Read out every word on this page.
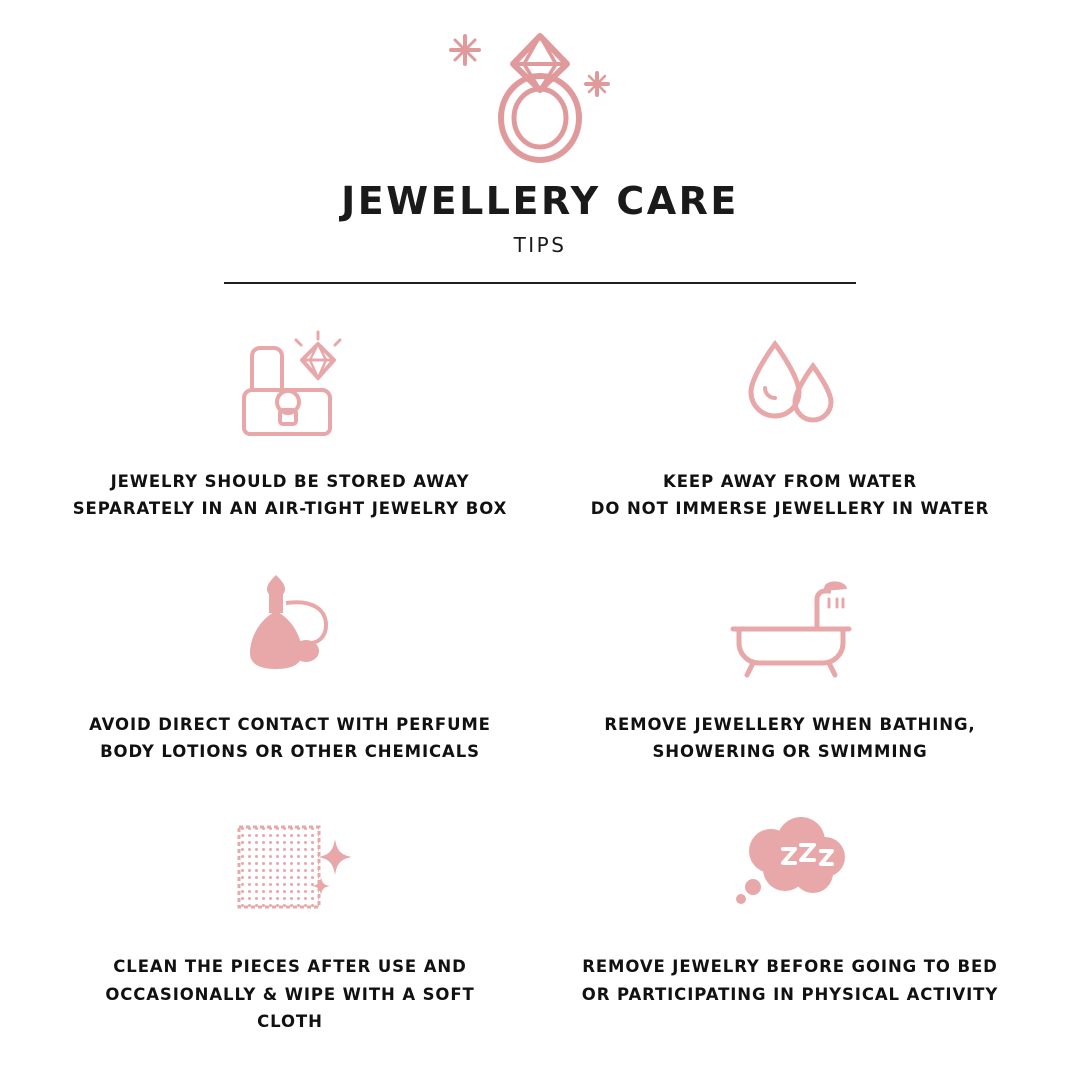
JEWELLERY CARE
TIPS
JEWELRY SHOULD BE STORED AWAY
SEPARATELY IN AN AIR-TIGHT JEWELRY BOX
KEEP AWAY FROM WATER
DO NOT IMMERSE JEWELLERY IN WATER
AVOID DIRECT CONTACT WITH PERFUME
BODY LOTIONS OR OTHER CHEMICALS
REMOVE JEWELLERY WHEN BATHING,
SHOWERING OR SWIMMING
CLEAN THE PIECES AFTER USE AND
OCCASIONALLY & WIPE WITH A SOFT CLOTH
REMOVE JEWELRY BEFORE GOING TO BED
OR PARTICIPATING IN PHYSICAL ACTIVITY
